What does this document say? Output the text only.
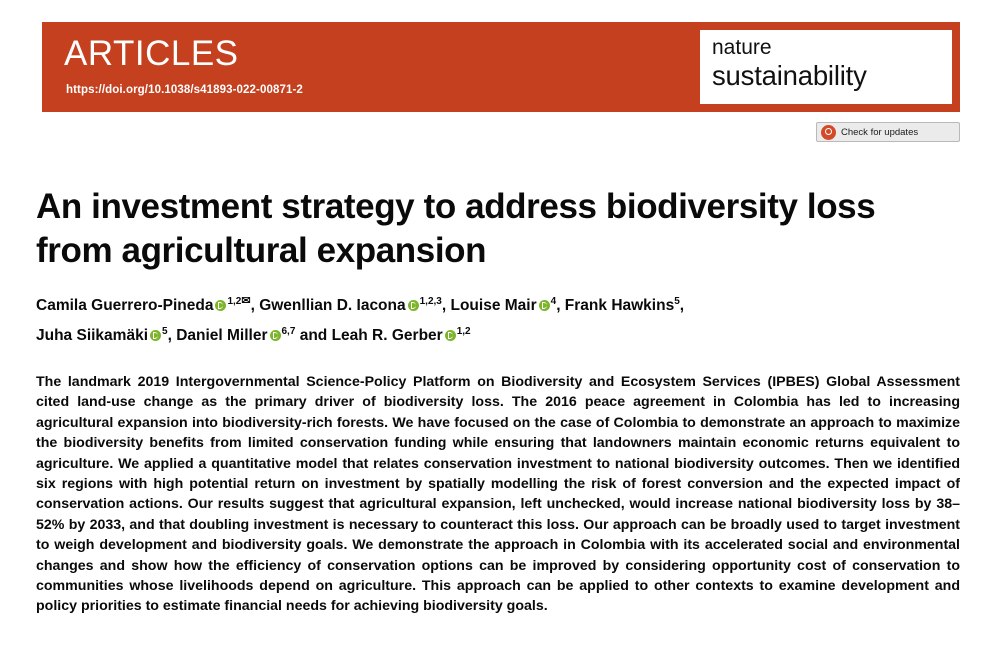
ARTICLES
https://doi.org/10.1038/s41893-022-00871-2
nature
sustainability
Check for updates
An investment strategy to address biodiversity loss from agricultural expansion
Camila Guerrero-Pineda $^{1,2✉}$, Gwenllian D. Iacona $^{1,2,3}$, Louise Mair $^4$, Frank Hawkins$^5$,
Juha Siikamäki $^5$, Daniel Miller $^{6,7}$ and Leah R. Gerber $^{1,2}$
The landmark 2019 Intergovernmental Science-Policy Platform on Biodiversity and Ecosystem Services (IPBES) Global Assessment cited land-use change as the primary driver of biodiversity loss. The 2016 peace agreement in Colombia has led to increasing agricultural expansion into biodiversity-rich forests. We have focused on the case of Colombia to demonstrate an approach to maximize the biodiversity benefits from limited conservation funding while ensuring that landowners maintain economic returns equivalent to agriculture. We applied a quantitative model that relates conservation investment to national biodiversity outcomes. Then we identified six regions with high potential return on investment by spatially modelling the risk of forest conversion and the expected impact of conservation actions. Our results suggest that agricultural expansion, left unchecked, would increase national biodiversity loss by 38–52% by 2033, and that doubling investment is necessary to counteract this loss. Our approach can be broadly used to target investment to weigh development and biodiversity goals. We demonstrate the approach in Colombia with its accelerated social and environmental changes and show how the efficiency of conservation options can be improved by considering opportunity cost of conservation to communities whose livelihoods depend on agriculture. This approach can be applied to other contexts to examine development and policy priorities to estimate financial needs for achieving biodiversity goals.
